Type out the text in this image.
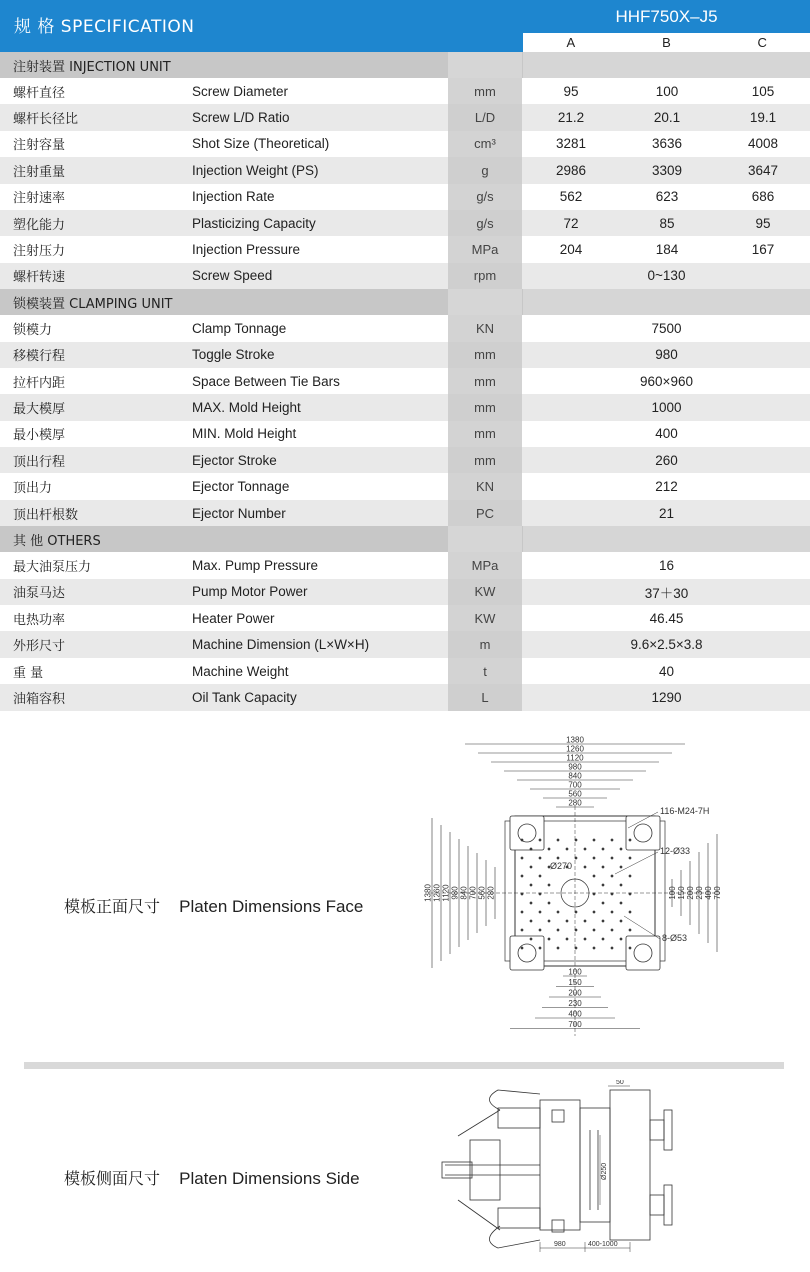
规 格 SPECIFICATION
HHF750X–J5
A	B	C
注射装置 INJECTION UNIT
螺杆直径	Screw Diameter	mm	95	100	105
螺杆长径比	Screw L/D Ratio	L/D	21.2	20.1	19.1
注射容量	Shot Size (Theoretical)	cm³	3281	3636	4008
注射重量	Injection Weight (PS)	g	2986	3309	3647
注射速率	Injection Rate	g/s	562	623	686
塑化能力	Plasticizing Capacity	g/s	72	85	95
注射压力	Injection Pressure	MPa	204	184	167
螺杆转速	Screw Speed	rpm	0~130
锁模装置 CLAMPING UNIT
锁模力	Clamp Tonnage	KN	7500
移模行程	Toggle Stroke	mm	980
拉杆内距	Space Between Tie Bars	mm	960×960
最大模厚	MAX. Mold Height	mm	1000
最小模厚	MIN. Mold Height	mm	400
顶出行程	Ejector Stroke	mm	260
顶出力	Ejector Tonnage	KN	212
顶出杆根数	Ejector Number	PC	21
其 他 OTHERS
最大油泵压力	Max. Pump Pressure	MPa	16
油泵马达	Pump Motor Power	KW	37＋30
电热功率	Heater Power	KW	46.45
外形尺寸	Machine Dimension (L×W×H)	m	9.6×2.5×3.8
重 量	Machine Weight	t	40
油箱容积	Oil Tank Capacity	L	1290
模板正面尺寸 Platen Dimensions Face
1380
1260
1120
980
840
700
560
280
1380 1260 1120 980 840 700 560 280	100 150 200 230 400 700
100
150
200
230
400
700
116-M24-7H
12-Ø33
8-Ø53
Ø270
模板侧面尺寸 Platen Dimensions Side
50
980	400-1000
Ø250
